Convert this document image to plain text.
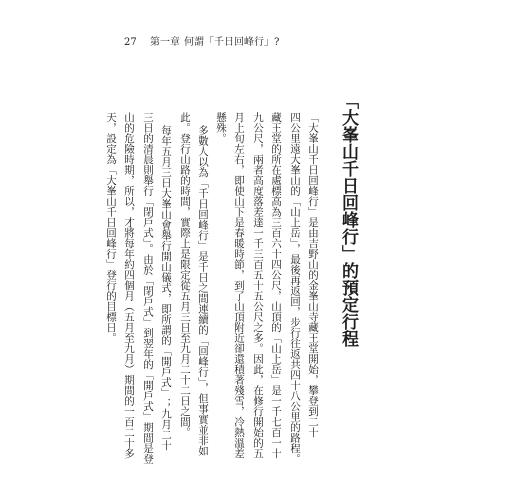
27 第一章 何謂「千日回峰行」?
「大峯山千日回峰行」的預定行程
「大峯山千日回峰行」是由吉野山的金峯山寺藏王堂開始，攀登到二十
四公里遠大峯山的「山上岳」，最後再返回，步行往返共四十八公里的路程。
藏王堂的所在處標高為三百六十四公尺，山頂的「山上岳」是一千七百一十
九公尺，兩者高度落差達一千三百五十五公尺之多。因此，在修行開始的五
月上旬左右，即使山下是春暖時節，到了山頂附近卻還積著殘雪，冷熱溫差
懸殊。
多數人以為「千日回峰行」是千日之間連續的「回峰行」，但事實並非如
此。登行山路的時間，實際上是限定從五月三日至九月二十二日之間。
每年五月三日大峯山會舉行開山儀式，即所謂的「開戶式」；九月二十
三日的清晨則舉行「閉戶式」。由於「閉戶式」到翌年的「開戶式」期間是登
山的危險時期，所以，才將每年約四個月（五月至九月）期間的一百二十多
天，設定為「大峯山千日回峰行」登行的目標日。
